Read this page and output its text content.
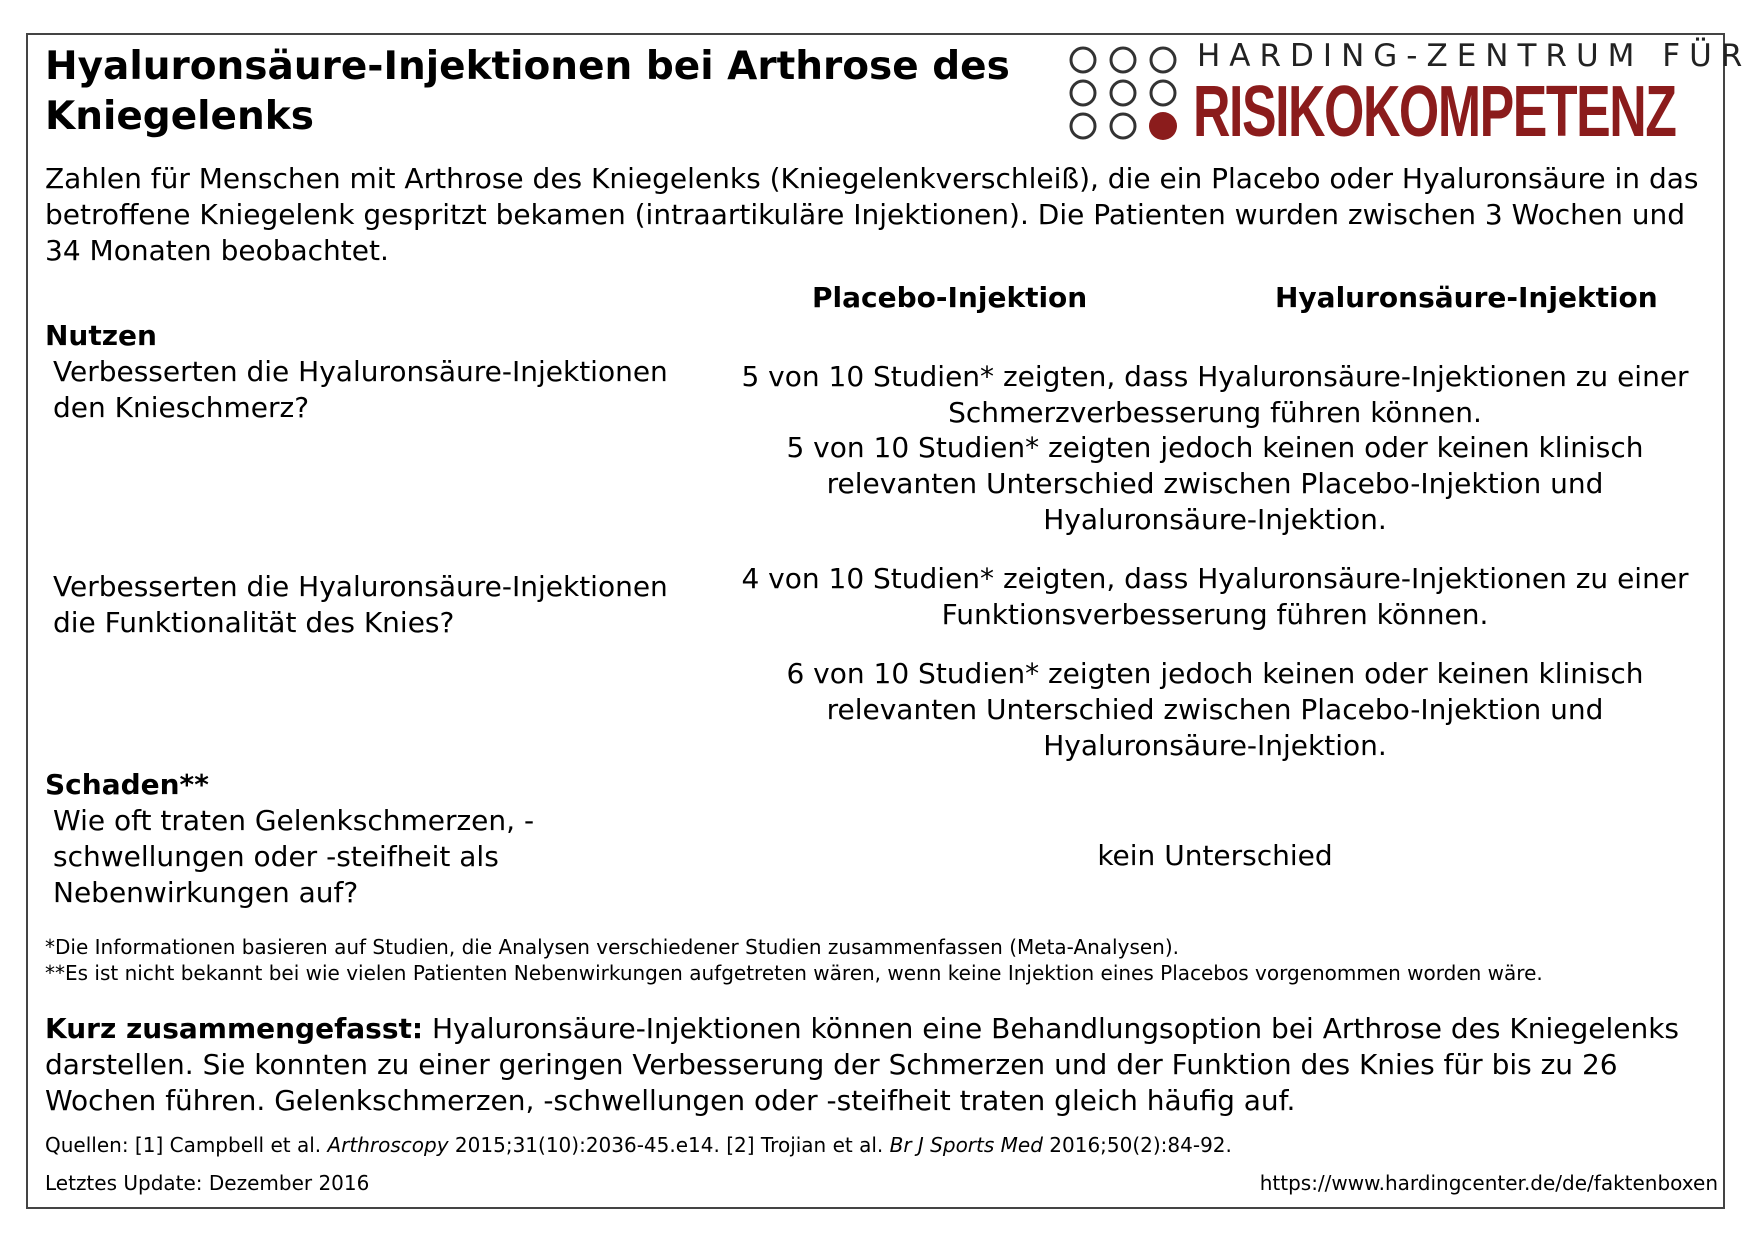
Hyaluronsäure-Injektionen bei Arthrose des Kniegelenks
HARDING-ZENTRUM FÜR
RISIKOKOMPETENZ
Zahlen für Menschen mit Arthrose des Kniegelenks (Kniegelenkverschleiß), die ein Placebo oder Hyaluronsäure in das betroffene Kniegelenk gespritzt bekamen (intraartikuläre Injektionen). Die Patienten wurden zwischen 3 Wochen und 34 Monaten beobachtet.
Placebo-Injektion	Hyaluronsäure-Injektion
Nutzen
Verbesserten die Hyaluronsäure-Injektionen den Knieschmerz?
5 von 10 Studien* zeigten, dass Hyaluronsäure-Injektionen zu einer Schmerzverbesserung führen können.
5 von 10 Studien* zeigten jedoch keinen oder keinen klinisch relevanten Unterschied zwischen Placebo-Injektion und Hyaluronsäure-Injektion.
Verbesserten die Hyaluronsäure-Injektionen die Funktionalität des Knies?
4 von 10 Studien* zeigten, dass Hyaluronsäure-Injektionen zu einer Funktionsverbesserung führen können.
6 von 10 Studien* zeigten jedoch keinen oder keinen klinisch relevanten Unterschied zwischen Placebo-Injektion und Hyaluronsäure-Injektion.
Schaden**
Wie oft traten Gelenkschmerzen, -schwellungen oder -steifheit als Nebenwirkungen auf?
kein Unterschied
*Die Informationen basieren auf Studien, die Analysen verschiedener Studien zusammenfassen (Meta-Analysen).
**Es ist nicht bekannt bei wie vielen Patienten Nebenwirkungen aufgetreten wären, wenn keine Injektion eines Placebos vorgenommen worden wäre.
Kurz zusammengefasst: Hyaluronsäure-Injektionen können eine Behandlungsoption bei Arthrose des Kniegelenks darstellen. Sie konnten zu einer geringen Verbesserung der Schmerzen und der Funktion des Knies für bis zu 26 Wochen führen. Gelenkschmerzen, -schwellungen oder -steifheit traten gleich häufig auf.
Quellen: [1] Campbell et al. Arthroscopy 2015;31(10):2036-45.e14. [2] Trojian et al. Br J Sports Med 2016;50(2):84-92.
Letztes Update: Dezember 2016	https://www.hardingcenter.de/de/faktenboxen
